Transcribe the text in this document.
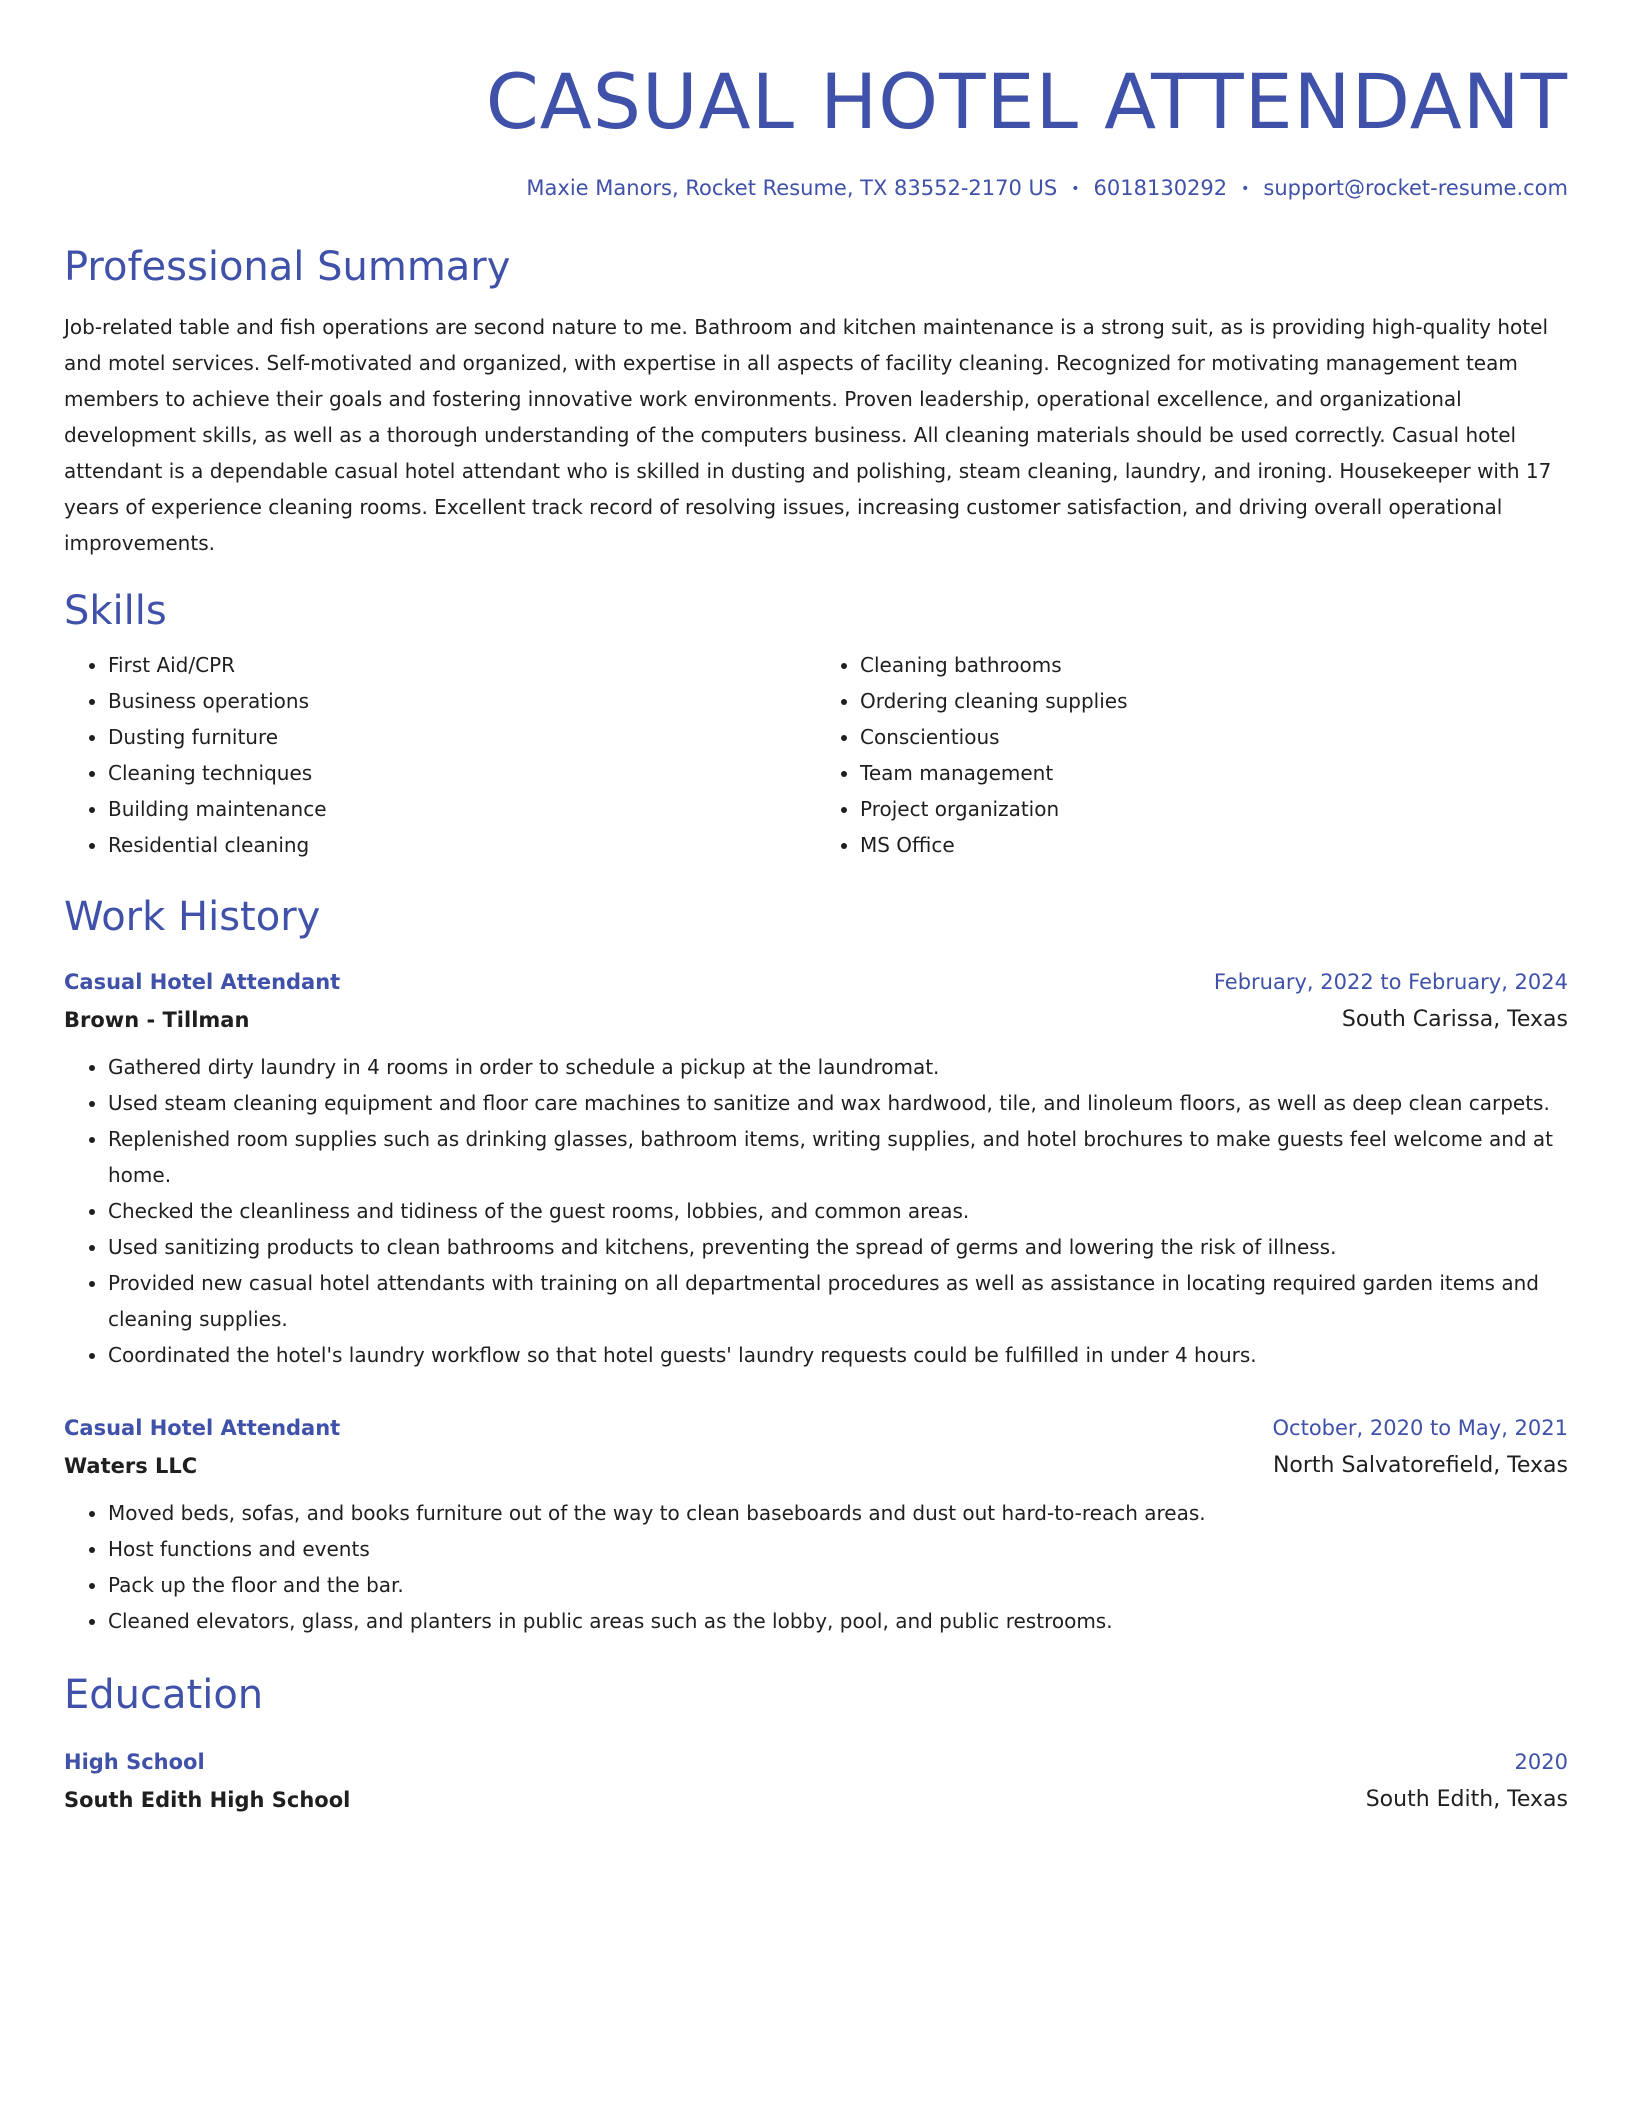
CASUAL HOTEL ATTENDANT
Maxie Manors, Rocket Resume, TX 83552-2170 US • 6018130292 • support@rocket-resume.com
Professional Summary

Job-related table and fish operations are second nature to me. Bathroom and kitchen maintenance is a strong suit, as is providing high-quality hotel and motel services. Self-motivated and organized, with expertise in all aspects of facility cleaning. Recognized for motivating management team members to achieve their goals and fostering innovative work environments. Proven leadership, operational excellence, and organizational development skills, as well as a thorough understanding of the computers business. All cleaning materials should be used correctly. Casual hotel attendant is a dependable casual hotel attendant who is skilled in dusting and polishing, steam cleaning, laundry, and ironing. Housekeeper with 17 years of experience cleaning rooms. Excellent track record of resolving issues, increasing customer satisfaction, and driving overall operational improvements.

Skills
• First Aid/CPR
• Business operations
• Dusting furniture
• Cleaning techniques
• Building maintenance
• Residential cleaning
• Cleaning bathrooms
• Ordering cleaning supplies
• Conscientious
• Team management
• Project organization
• MS Office
Work History
Casual Hotel Attendant	February, 2022 to February, 2024
Brown - Tillman	South Carissa, Texas
• Gathered dirty laundry in 4 rooms in order to schedule a pickup at the laundromat.
• Used steam cleaning equipment and floor care machines to sanitize and wax hardwood, tile, and linoleum floors, as well as deep clean carpets.
• Replenished room supplies such as drinking glasses, bathroom items, writing supplies, and hotel brochures to make guests feel welcome and at home.
• Checked the cleanliness and tidiness of the guest rooms, lobbies, and common areas.
• Used sanitizing products to clean bathrooms and kitchens, preventing the spread of germs and lowering the risk of illness.
• Provided new casual hotel attendants with training on all departmental procedures as well as assistance in locating required garden items and cleaning supplies.
• Coordinated the hotel's laundry workflow so that hotel guests' laundry requests could be fulfilled in under 4 hours.
Casual Hotel Attendant	October, 2020 to May, 2021
Waters LLC	North Salvatorefield, Texas
• Moved beds, sofas, and books furniture out of the way to clean baseboards and dust out hard-to-reach areas.
• Host functions and events
• Pack up the floor and the bar.
• Cleaned elevators, glass, and planters in public areas such as the lobby, pool, and public restrooms.
Education
High School	2020
South Edith High School	South Edith, Texas
